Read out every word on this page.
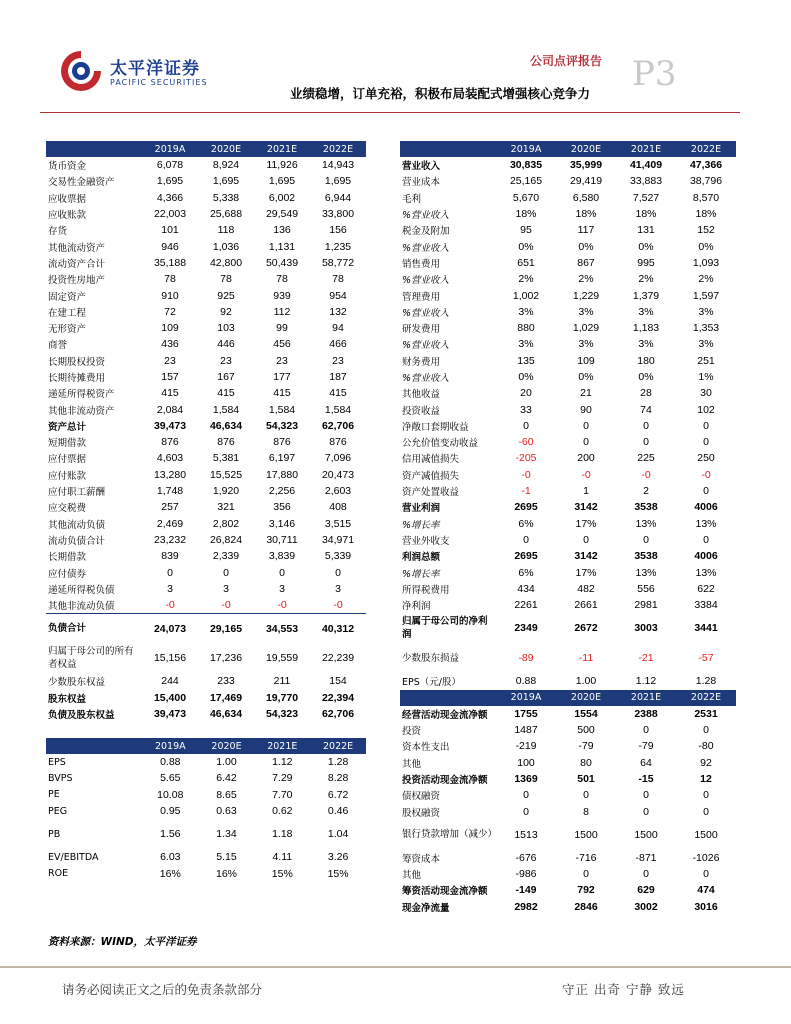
太平洋证券
PACIFIC SECURITIES
公司点评报告
业绩稳增，订单充裕，积极布局装配式增强核心竞争力 P3
	2019A	2020E	2021E	2022E
货币资金	6,078	8,924	11,926	14,943
交易性金融资产	1,695	1,695	1,695	1,695
应收票据	4,366	5,338	6,002	6,944
应收账款	22,003	25,688	29,549	33,800
存货	101	118	136	156
其他流动资产	946	1,036	1,131	1,235
流动资产合计	35,188	42,800	50,439	58,772
投资性房地产	78	78	78	78
固定资产	910	925	939	954
在建工程	72	92	112	132
无形资产	109	103	99	94
商誉	436	446	456	466
长期股权投资	23	23	23	23
长期待摊费用	157	167	177	187
递延所得税资产	415	415	415	415
其他非流动资产	2,084	1,584	1,584	1,584
资产总计	39,473	46,634	54,323	62,706
短期借款	876	876	876	876
应付票据	4,603	5,381	6,197	7,096
应付账款	13,280	15,525	17,880	20,473
应付职工薪酬	1,748	1,920	2,256	2,603
应交税费	257	321	356	408
其他流动负债	2,469	2,802	3,146	3,515
流动负债合计	23,232	26,824	30,711	34,971
长期借款	839	2,339	3,839	5,339
应付债券	0	0	0	0
递延所得税负债	3	3	3	3
其他非流动负债	-0	-0	-0	-0
负债合计	24,073	29,165	34,553	40,312
归属于母公司的所有者权益	15,156	17,236	19,559	22,239
少数股东权益	244	233	211	154
股东权益	15,400	17,469	19,770	22,394
负债及股东权益	39,473	46,634	54,323	62,706
	2019A	2020E	2021E	2022E
EPS	0.88	1.00	1.12	1.28
BVPS	5.65	6.42	7.29	8.28
PE	10.08	8.65	7.70	6.72
PEG	0.95	0.63	0.62	0.46
PB	1.56	1.34	1.18	1.04
EV/EBITDA	6.03	5.15	4.11	3.26
ROE	16%	16%	15%	15%
	2019A	2020E	2021E	2022E
营业收入	30,835	35,999	41,409	47,366
营业成本	25,165	29,419	33,883	38,796
毛利	5,670	6,580	7,527	8,570
%营业收入	18%	18%	18%	18%
税金及附加	95	117	131	152
%营业收入	0%	0%	0%	0%
销售费用	651	867	995	1,093
%营业收入	2%	2%	2%	2%
管理费用	1,002	1,229	1,379	1,597
%营业收入	3%	3%	3%	3%
研发费用	880	1,029	1,183	1,353
%营业收入	3%	3%	3%	3%
财务费用	135	109	180	251
%营业收入	0%	0%	0%	1%
其他收益	20	21	28	30
投资收益	33	90	74	102
净敞口套期收益	0	0	0	0
公允价值变动收益	-60	0	0	0
信用减值损失	-205	200	225	250
资产减值损失	-0	-0	-0	-0
资产处置收益	-1	1	2	0
营业利润	2695	3142	3538	4006
%增长率	6%	17%	13%	13%
营业外收支	0	0	0	0
利润总额	2695	3142	3538	4006
%增长率	6%	17%	13%	13%
所得税费用	434	482	556	622
净利润	2261	2661	2981	3384
归属于母公司的净利润	2349	2672	3003	3441
少数股东损益	-89	-11	-21	-57
EPS（元/股）	0.88	1.00	1.12	1.28
	2019A	2020E	2021E	2022E
经营活动现金流净额	1755	1554	2388	2531
投资	1487	500	0	0
资本性支出	-219	-79	-79	-80
其他	100	80	64	92
投资活动现金流净额	1369	501	-15	12
债权融资	0	0	0	0
股权融资	0	8	0	0
银行贷款增加（减少）	1513	1500	1500	1500
筹资成本	-676	-716	-871	-1026
其他	-986	0	0	0
筹资活动现金流净额	-149	792	629	474
现金净流量	2982	2846	3002	3016
资料来源：WIND，太平洋证券
请务必阅读正文之后的免责条款部分	守正 出奇 宁静 致远
